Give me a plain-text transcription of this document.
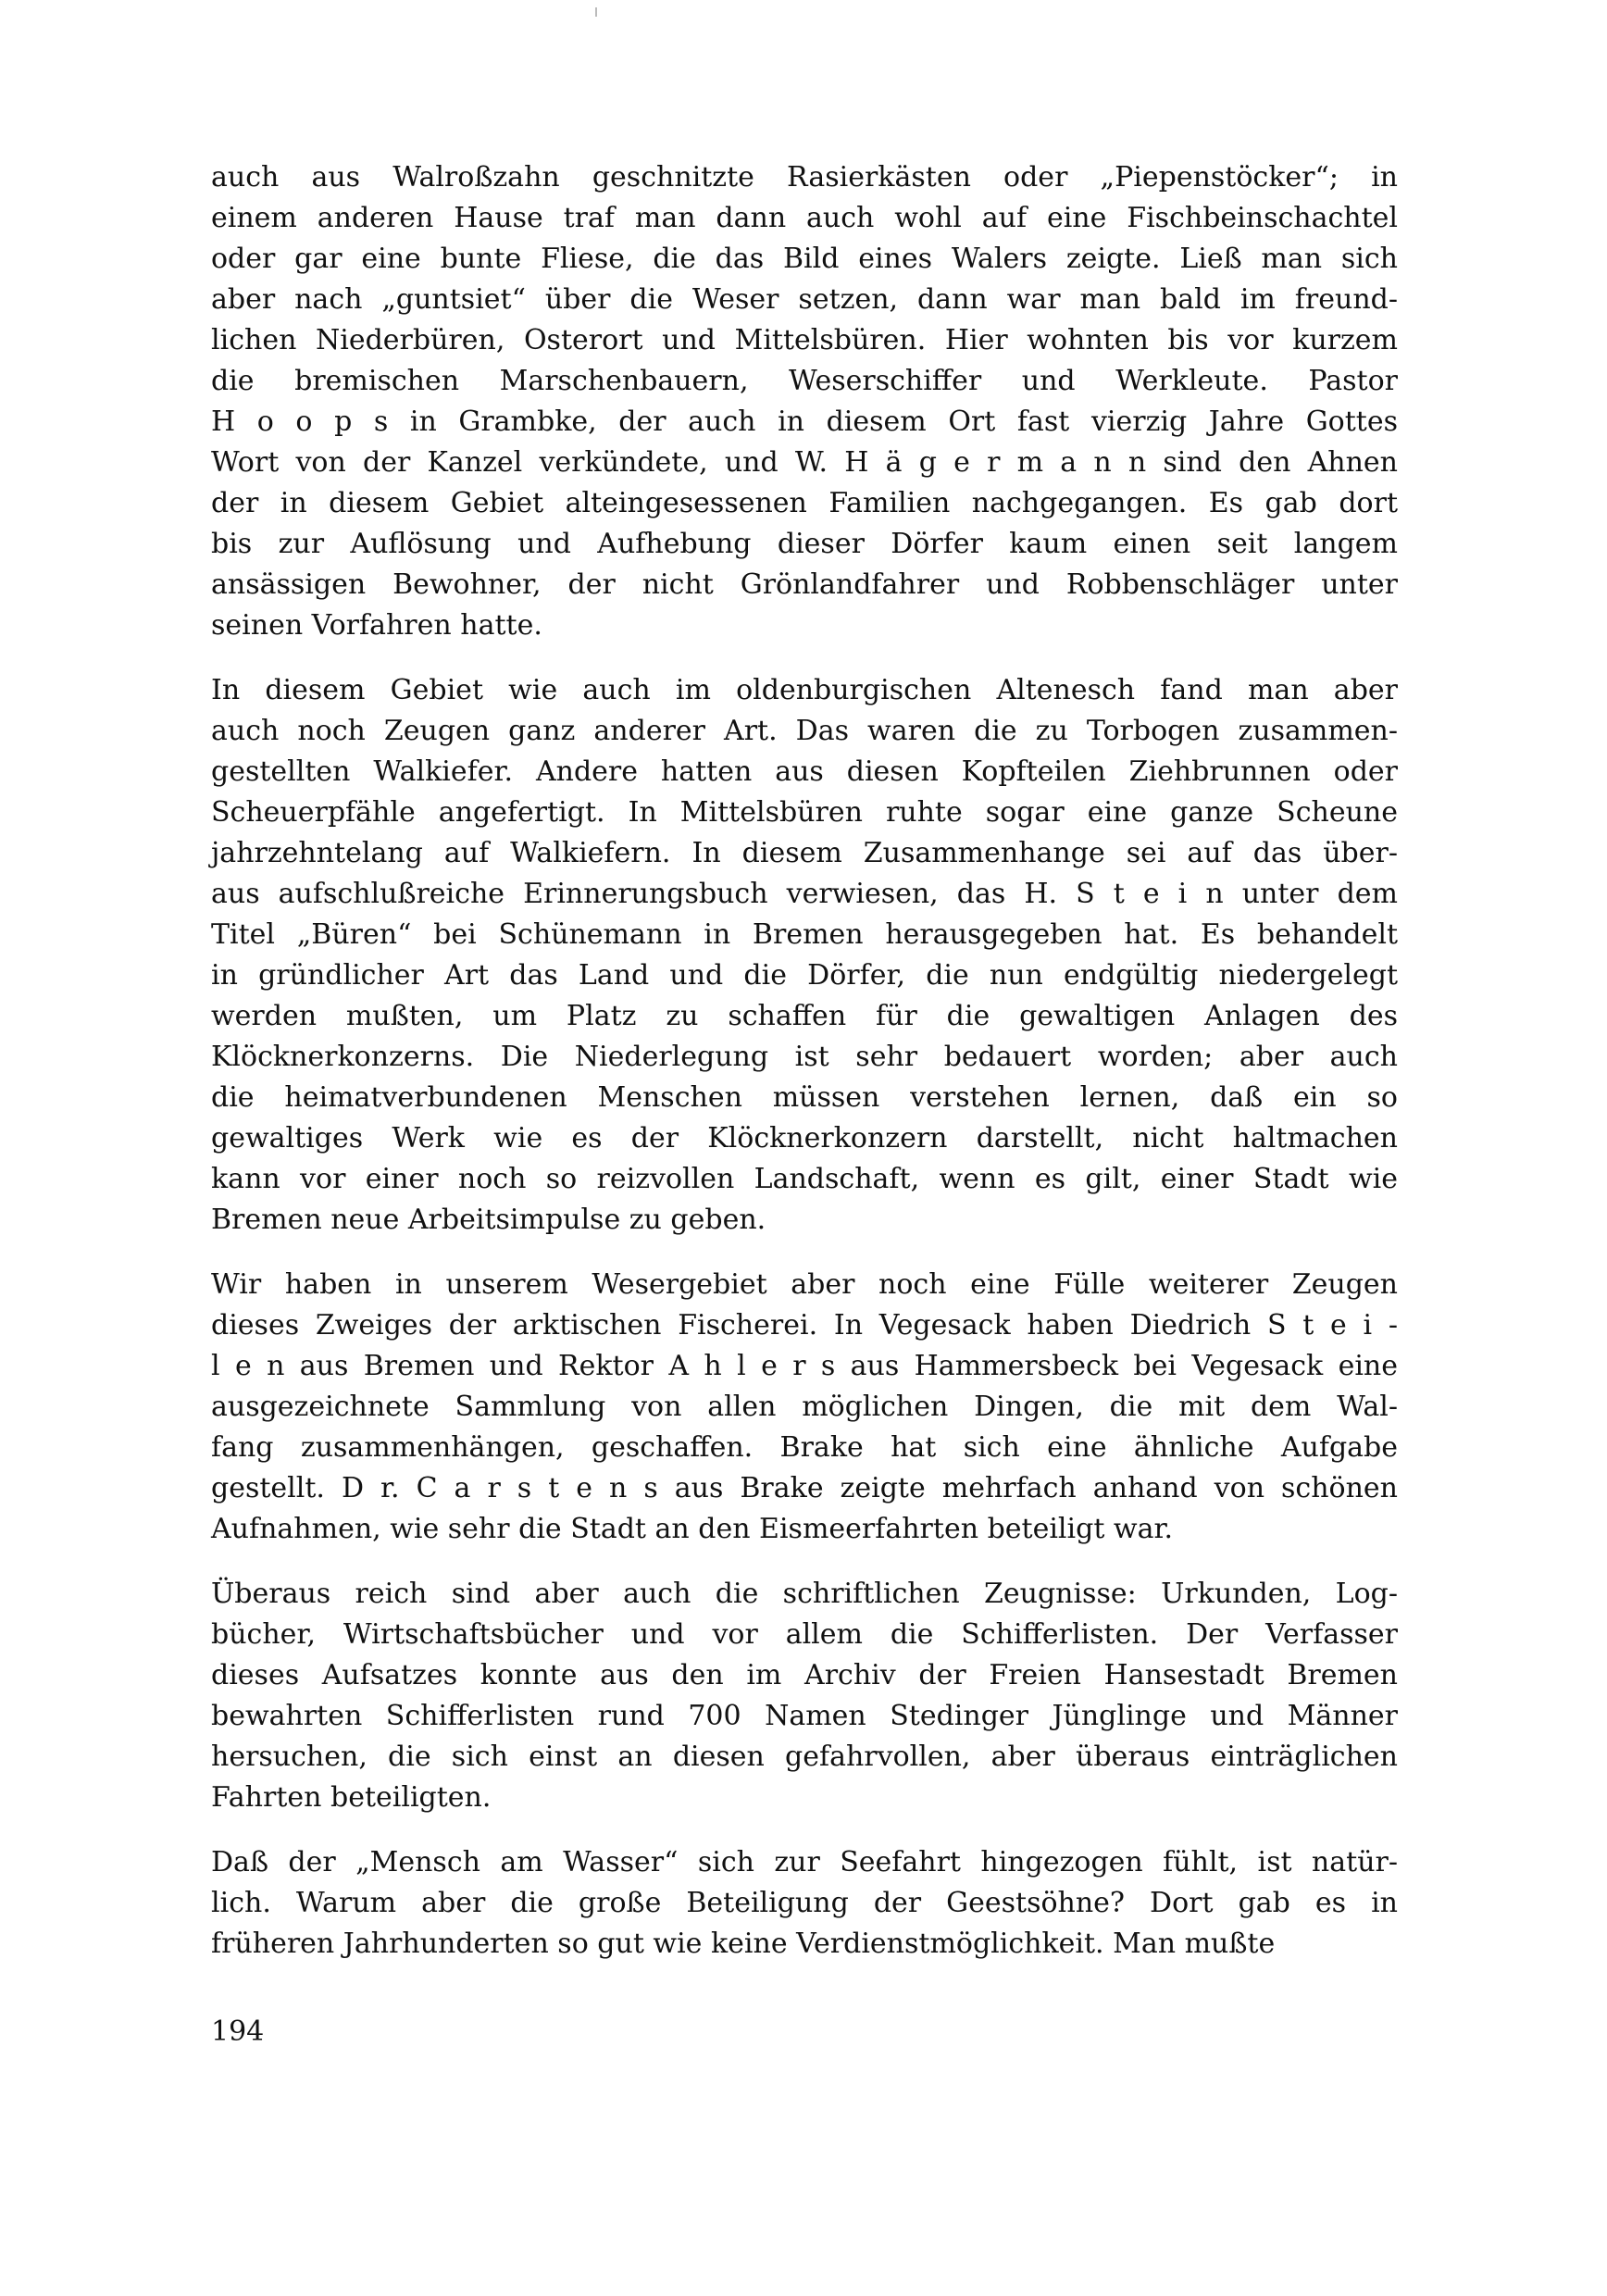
auch aus Walroßzahn geschnitzte Rasierkästen oder „Piepenstöcker“; in
einem anderen Hause traf man dann auch wohl auf eine Fischbeinschachtel
oder gar eine bunte Fliese, die das Bild eines Walers zeigte. Ließ man sich
aber nach „guntsiet“ über die Weser setzen, dann war man bald im freund-
lichen Niederbüren, Osterort und Mittelsbüren. Hier wohnten bis vor kurzem
die bremischen Marschenbauern, Weserschiffer und Werkleute. Pastor
H o o p s in Grambke, der auch in diesem Ort fast vierzig Jahre Gottes
Wort von der Kanzel verkündete, und W. H ä g e r m a n n sind den Ahnen
der in diesem Gebiet alteingesessenen Familien nachgegangen. Es gab dort
bis zur Auflösung und Aufhebung dieser Dörfer kaum einen seit langem
ansässigen Bewohner, der nicht Grönlandfahrer und Robbenschläger unter
seinen Vorfahren hatte.
In diesem Gebiet wie auch im oldenburgischen Altenesch fand man aber
auch noch Zeugen ganz anderer Art. Das waren die zu Torbogen zusammen-
gestellten Walkiefer. Andere hatten aus diesen Kopfteilen Ziehbrunnen oder
Scheuerpfähle angefertigt. In Mittelsbüren ruhte sogar eine ganze Scheune
jahrzehntelang auf Walkiefern. In diesem Zusammenhange sei auf das über-
aus aufschlußreiche Erinnerungsbuch verwiesen, das H. S t e i n unter dem
Titel „Büren“ bei Schünemann in Bremen herausgegeben hat. Es behandelt
in gründlicher Art das Land und die Dörfer, die nun endgültig niedergelegt
werden mußten, um Platz zu schaffen für die gewaltigen Anlagen des
Klöcknerkonzerns. Die Niederlegung ist sehr bedauert worden; aber auch
die heimatverbundenen Menschen müssen verstehen lernen, daß ein so
gewaltiges Werk wie es der Klöcknerkonzern darstellt, nicht haltmachen
kann vor einer noch so reizvollen Landschaft, wenn es gilt, einer Stadt wie
Bremen neue Arbeitsimpulse zu geben.
Wir haben in unserem Wesergebiet aber noch eine Fülle weiterer Zeugen
dieses Zweiges der arktischen Fischerei. In Vegesack haben Diedrich S t e i -
l e n aus Bremen und Rektor A h l e r s aus Hammersbeck bei Vegesack eine
ausgezeichnete Sammlung von allen möglichen Dingen, die mit dem Wal-
fang zusammenhängen, geschaffen. Brake hat sich eine ähnliche Aufgabe
gestellt. D r. C a r s t e n s aus Brake zeigte mehrfach anhand von schönen
Aufnahmen, wie sehr die Stadt an den Eismeerfahrten beteiligt war.
Überaus reich sind aber auch die schriftlichen Zeugnisse: Urkunden, Log-
bücher, Wirtschaftsbücher und vor allem die Schifferlisten. Der Verfasser
dieses Aufsatzes konnte aus den im Archiv der Freien Hansestadt Bremen
bewahrten Schifferlisten rund 700 Namen Stedinger Jünglinge und Männer
hersuchen, die sich einst an diesen gefahrvollen, aber überaus einträglichen
Fahrten beteiligten.
Daß der „Mensch am Wasser“ sich zur Seefahrt hingezogen fühlt, ist natür-
lich. Warum aber die große Beteiligung der Geestsöhne? Dort gab es in
früheren Jahrhunderten so gut wie keine Verdienstmöglichkeit. Man mußte
194
